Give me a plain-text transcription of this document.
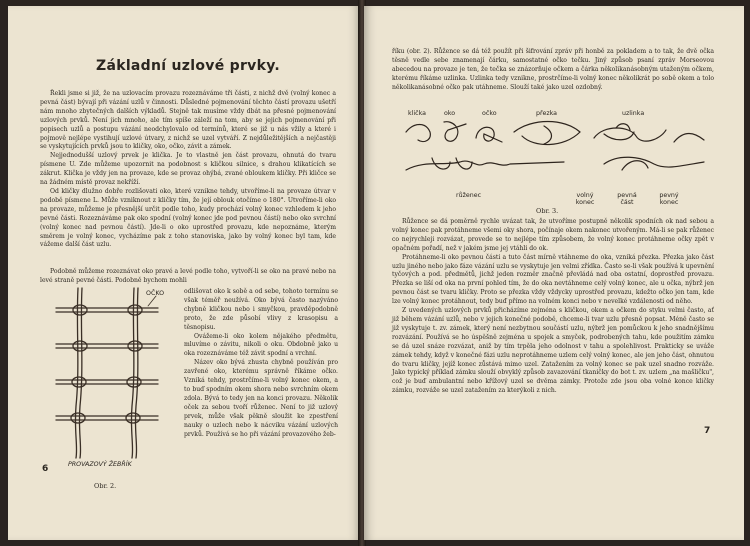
Základní uzlové prvky.

Řekli jsme si již, že na uzlovacím provazu rozeznáváme tři části, z nichž dvě (volný konec a pevná část) bývají při vázání uzlů v činnosti. Důsledné pojmenování těchto částí provazu ušetří nám mnoho zbytečných dalších výkladů. Stejně tak musíme vždy dbát na přesné pojmenování uzlových prvků. Není jich mnoho, ale tím spíše záleží na tom, aby se jejich pojmenování při popisech uzlů a postupu vázání neodchylovalo od termínů, které se již u nás vžily a které i pojmově nejlépe vystihují uzlové útvary, z nichž se uzel vytváří. Z nejdůležitějších a nejčastěji se vyskytujících prvků jsou to kličky, oko, očko, závit a zámek.

Nejjednodušší uzlový prvek je klička. Je to vlastně jen část provazu, ohnutá do tvaru písmene U. Zde můžeme upozornit na podobnost s kličkou silnice, s drahou klikatících se zákrut. Klička je vždy jen na provaze, kde se provaz ohýbá, zvané obloukem kličky. Při kličce se na žádném místě provaz nekříží.

Od kličky dlužno dobře rozlišovati oko, které vznikne tehdy, utvoříme-li na provaze útvar v podobě písmene L. Může vzniknout z kličky tím, že její oblouk otočíme o 180°. Utvoříme-li oko na provaze, můžeme je přesnější určit podle toho, kudy prochází volný konec vzhledem k jeho pevné části. Rozeznáváme pak oko spodní (volný konec jde pod pevnou částí) nebo oko svrchní (volný konec nad pevnou částí). Jde-li o oko uprostřed provazu, kde nepoznáme, kterým směrem je volný konec, vycházíme pak z toho stanoviska, jako by volný konec byl tam, kde vážeme další část uzlu.

Podobně můžeme rozeznávat oko pravé a levé podle toho, vytvoří-li se oko na pravé nebo na levé straně pevné části. Podobně bychom mohli

odlišovat oko k sobě a od sebe, tohoto termínu se však téměř neužívá. Oko bývá často nazýváno chybně kličkou nebo i smyčkou, pravděpodobně proto, že zde působí vlivy z krasopisu a těsnopisu.

Ovážeme-li oko kolem nějakého předmětu, mluvíme o závitu, nikoli o oku. Obdobně jako u oka rozeznáváme též závit spodní a vrchní.

Název oko bývá zhusta chybně používán pro zavřené oko, kterému správně říkáme očko. Vzniká tehdy, prostrčíme-li volný konec okem, a to buď spodním okem shora nebo svrchním okem zdola. Bývá to tedy jen na konci provazu. Několik oček za sebou tvoří růženec. Není to již uzlový prvek, může však pěkně sloužit ke zpestření nauky o uzlech nebo k nácviku vázání uzlových prvků. Používá se ho při vázání provazového žeb-

OČKO
PROVAZOVÝ ŽEBŘÍK
Obr. 2.
6

říku (obr. 2). Růžence se dá též použít při šifrování zpráv při honbě za pokladem a to tak, že dvě očka těsně vedle sebe znamenají čárku, samostatné očko tečku. Jiný způsob psaní zpráv Morseovou abecedou na provaze je ten, že tečka se znázorňuje očkem a čárka několikanásobným utaženým očkem, kterému říkáme uzlinka. Uzlinka tedy vznikne, prostrčíme-li volný konec několikrát po sobě okem a tolo několikanásobné očko pak utáhneme. Slouží také jako uzel ozdobný.

klička	oko	očko	přezka	uzlinka
růženec	volný konec
pevná část
pevný konec
Obr. 3.

Růžence se dá poměrně rychle uvázat tak, že utvoříme postupně několik spodních ok nad sebou a volný konec pak protáhneme všemi oky shora, počínaje okem nakonec utvořeným. Má-li se pak růženec co nejrychleji rozvázat, provede se to nejlépe tím způsobem, že volný konec protáhneme očky zpět v opačném pořadí, než v jakém jsme jej vtáhli do ok.

Protáhneme-li oko pevnou části a tuto část mírně vtáhneme do oka, vzniká přezka. Přezka jako část uzlu jiného nebo jako fáze vázání uzlu se vyskytuje jen velmi zřídka. Často se-li však používá k upevnění tyčových a pod. předmětů, jichž jeden rozměr značně převládá nad oba ostatní, doprostřed provazu. Přezka se liší od oka na první pohled tím, že do oka nevtáhneme celý volný konec, ale u očka, nýbrž jen pevnou část se tvaru kličky. Proto se přezka vždy vždycky uprostřed provazu, kdežto očko jen tam, kde lze volný konec protáhnout, tedy buď přímo na volném konci nebo v nevelké vzdálenosti od něho.

Z uvedených uzlových prvků přicházíme zejména s kličkou, okem a očkem do styku velmi často, ať již během vázání uzlů, nebo v jejich konečné podobě, chceme-li tvar uzlu přesně popsat. Méně často se již vyskytuje t. zv. zámek, který není nezbytnou součástí uzlu, nýbrž jen pomůckou k jeho snadnějšímu rozvázání. Používá se ho úspěšně zejména u spojek a smyček, podrobených tahu, kde použitím zámku se dá uzel snáze rozvázat, aniž by tím trpěla jeho odolnost v tahu a spolehlivost. Prakticky se uváže zámek tehdy, když v konečné fázi uzlu neprotáhneme uzlem celý volný konec, ale jen jeho část, ohnutou do tvaru kličky, jejíž konec zůstává mimo uzel. Zatažením za volný konec se pak uzel snadno rozváže. Jako typický příklad zámku slouží obvyklý způsob zavazování tkaničky do bot t. zv. uzlem „na mašličku", což je buď ambulantní nebo křížový uzel se dvěma zámky. Protože zde jsou oba volné konce kličky zámku, rozváže se uzel zatažením za kterýkoli z nich.

7
